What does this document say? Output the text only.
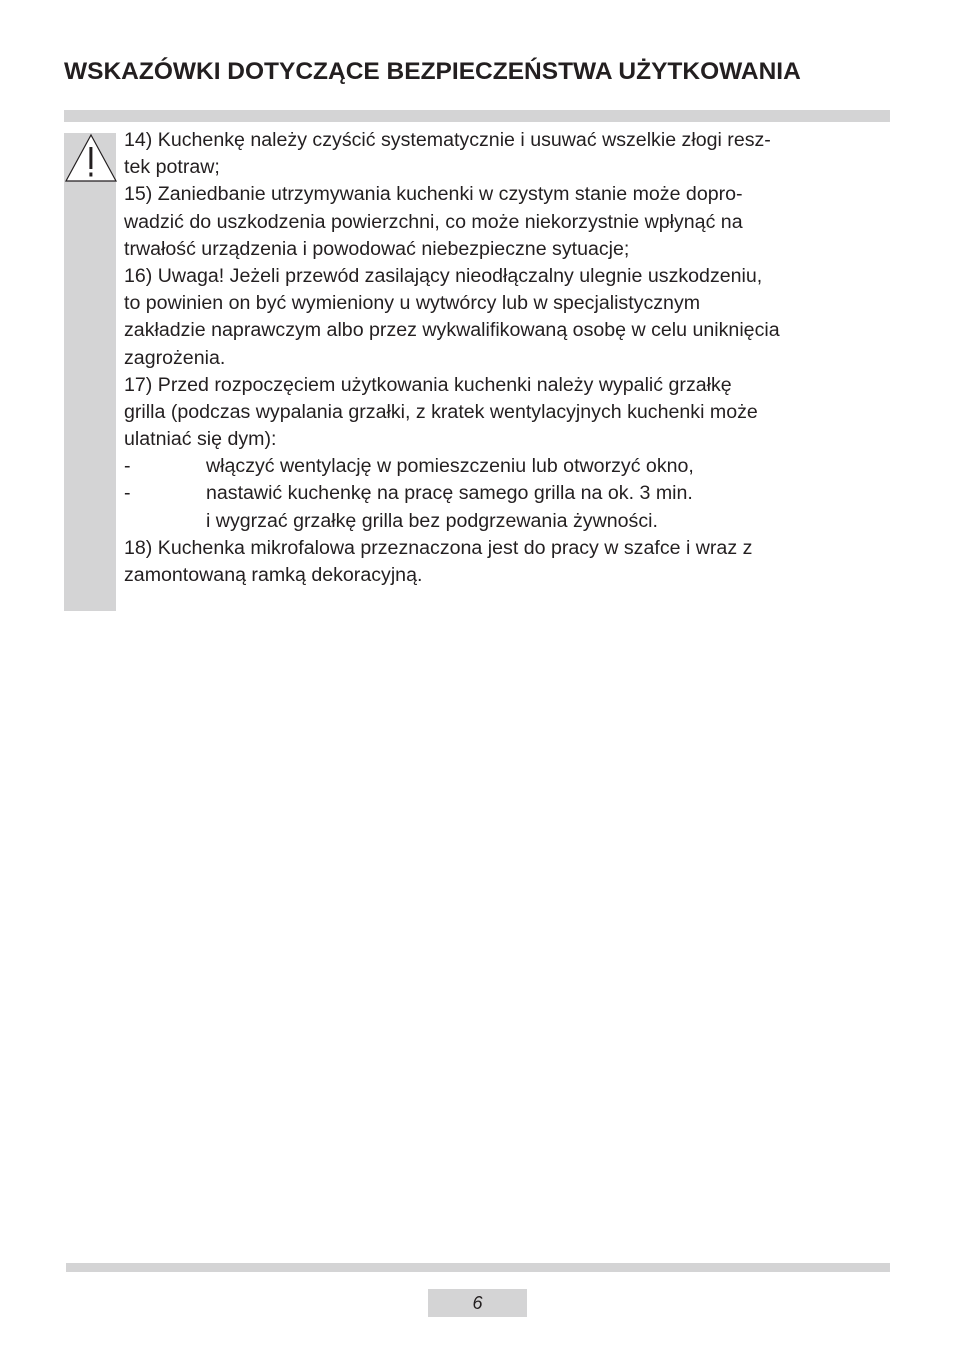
WSKAZÓWKI DOTYCZĄCE BEZPIECZEŃSTWA UŻYTKOWANIA
14) Kuchenkę należy czyścić systematycznie i usuwać wszelkie złogi resz-
tek potraw;
15) Zaniedbanie utrzymywania kuchenki w czystym stanie może dopro-
wadzić do uszkodzenia powierzchni, co może niekorzystnie wpłynąć na
trwałość urządzenia i powodować niebezpieczne sytuacje;
16) Uwaga! Jeżeli przewód zasilający nieodłączalny ulegnie uszkodzeniu,
to powinien on być wymieniony u wytwórcy lub w specjalistycznym
zakładzie naprawczym albo przez wykwalifikowaną osobę w celu uniknięcia
zagrożenia.
17) Przed rozpoczęciem użytkowania kuchenki należy wypalić grzałkę
grilla (podczas wypalania grzałki, z kratek wentylacyjnych kuchenki może
ulatniać się dym):
-	włączyć wentylację w pomieszczeniu lub otworzyć okno,
-	nastawić kuchenkę na pracę samego grilla na ok. 3 min.
i wygrzać grzałkę grilla bez podgrzewania żywności.
18) Kuchenka mikrofalowa przeznaczona jest do pracy w szafce i wraz z
zamontowaną ramką dekoracyjną.
6
